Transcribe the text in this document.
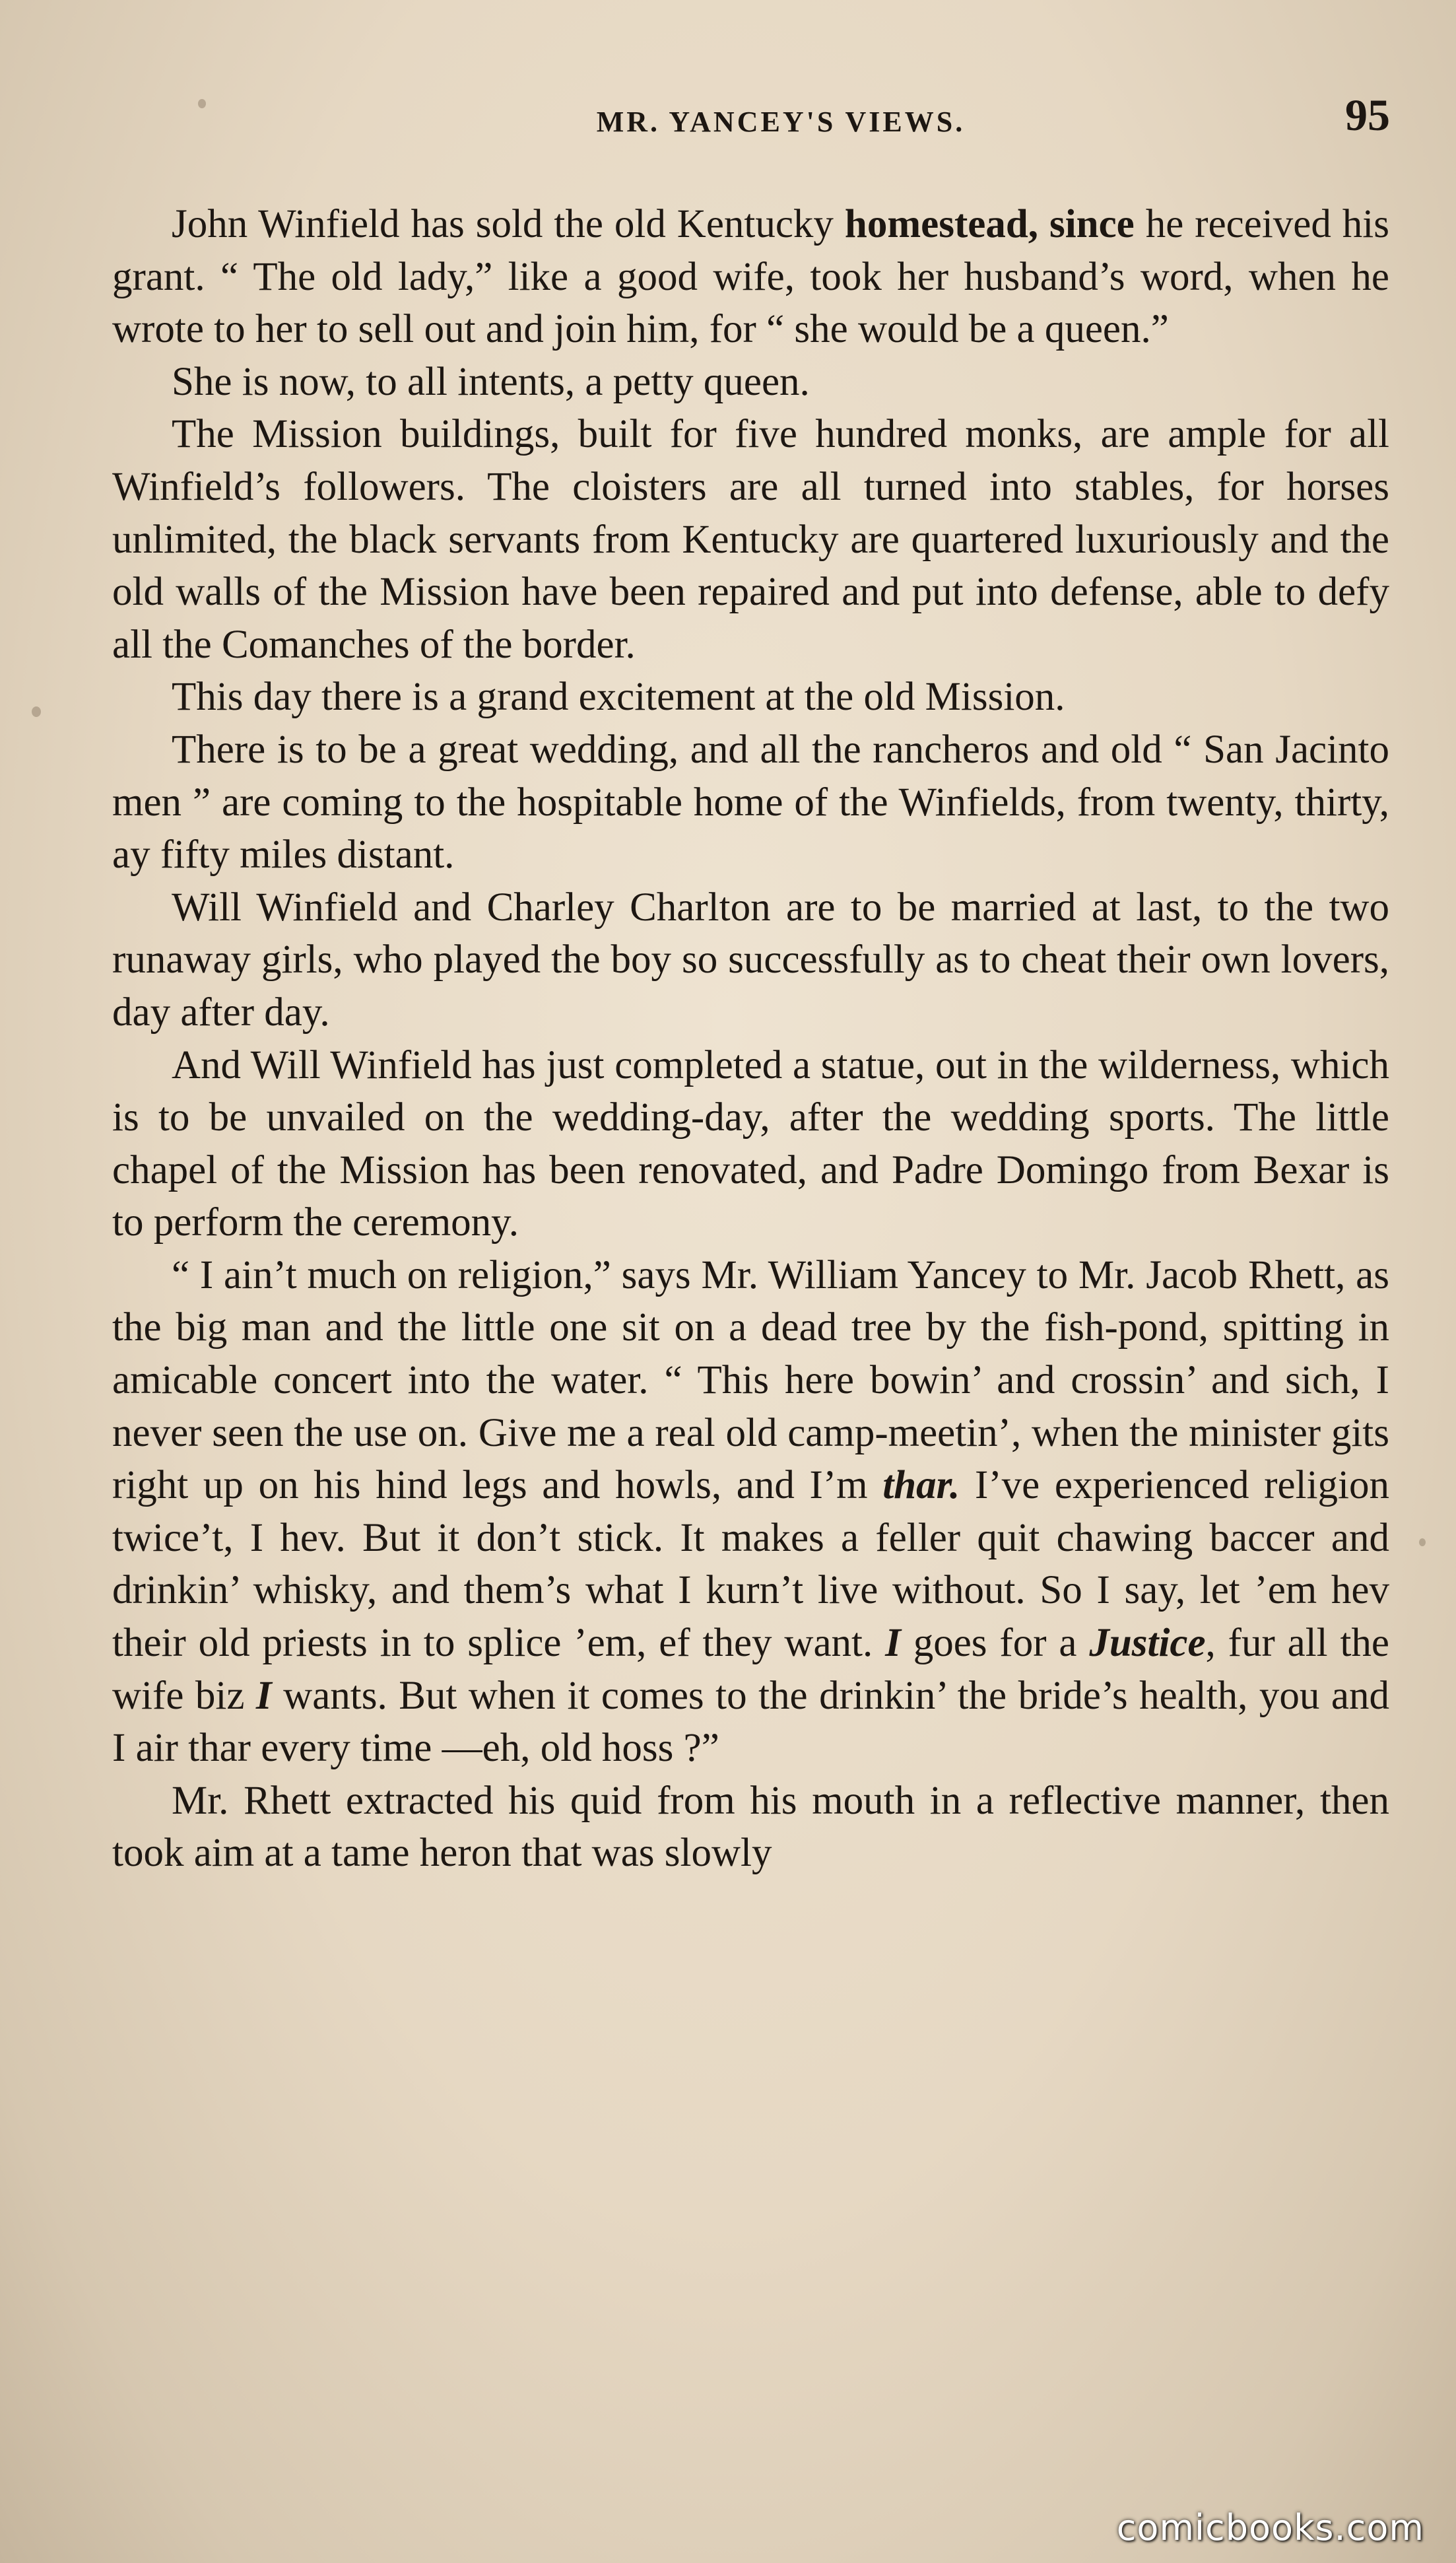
MR. YANCEY'S VIEWS.	95

John Winfield has sold the old Kentucky homestead, since he received his grant. “ The old lady,” like a good wife, took her husband’s word, when he wrote to her to sell out and join him, for “ she would be a queen.”

She is now, to all intents, a petty queen.

The Mission buildings, built for five hundred monks, are ample for all Winfield’s followers. The cloisters are all turned into stables, for horses unlimited, the black servants from Kentucky are quartered luxuriously and the old walls of the Mission have been repaired and put into defense, able to defy all the Comanches of the border.

This day there is a grand excitement at the old Mission.

There is to be a great wedding, and all the rancheros and old “ San Jacinto men ” are coming to the hospitable home of the Winfields, from twenty, thirty, ay fifty miles distant.

Will Winfield and Charley Charlton are to be married at last, to the two runaway girls, who played the boy so successfully as to cheat their own lovers, day after day.

And Will Winfield has just completed a statue, out in the wilderness, which is to be unvailed on the wedding-day, after the wedding sports. The little chapel of the Mission has been renovated, and Padre Domingo from Bexar is to perform the ceremony.

“ I ain’t much on religion,” says Mr. William Yancey to Mr. Jacob Rhett, as the big man and the little one sit on a dead tree by the fish-pond, spitting in amicable concert into the water. “ This here bowin’ and crossin’ and sich, I never seen the use on. Give me a real old camp-meetin’, when the minister gits right up on his hind legs and howls, and I’m thar. I’ve experienced religion twice’t, I hev. But it don’t stick. It makes a feller quit chawing baccer and drinkin’ whisky, and them’s what I kurn’t live without. So I say, let ’em hev their old priests in to splice ’em, ef they want. I goes for a Justice, fur all the wife biz I wants. But when it comes to the drinkin’ the bride’s health, you and I air thar every time —eh, old hoss ?”

Mr. Rhett extracted his quid from his mouth in a reflective manner, then took aim at a tame heron that was slowly

comicbooks.com
